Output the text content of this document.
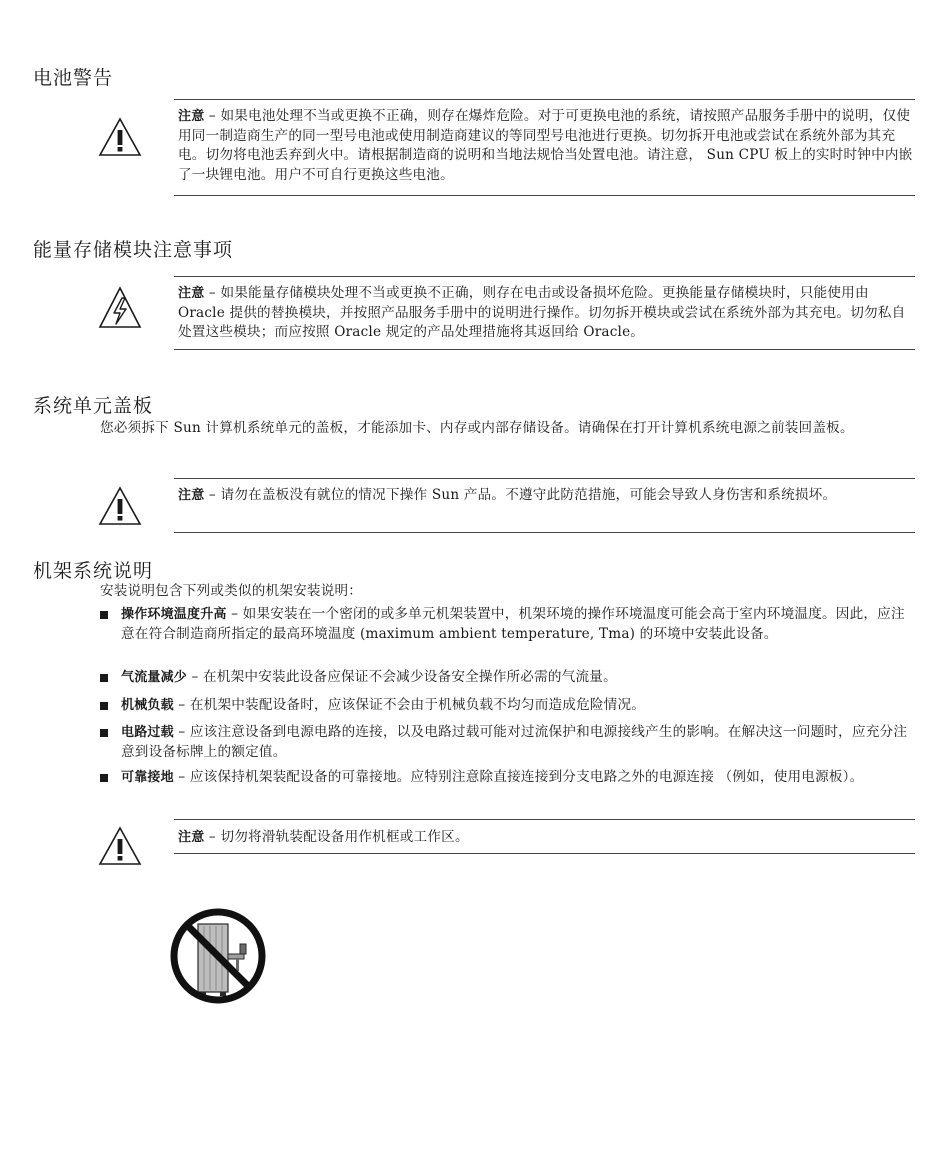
电池警告
注意 – 如果电池处理不当或更换不正确，则存在爆炸危险。对于可更换电池的系统，请按照产品服务手册中的说明，仅使用同一制造商生产的同一型号电池或使用制造商建议的等同型号电池进行更换。切勿拆开电池或尝试在系统外部为其充电。切勿将电池丢弃到火中。请根据制造商的说明和当地法规恰当处置电池。请注意， Sun CPU 板上的实时时钟中内嵌了一块锂电池。用户不可自行更换这些电池。
能量存储模块注意事项
注意 – 如果能量存储模块处理不当或更换不正确，则存在电击或设备损坏危险。更换能量存储模块时，只能使用由 Oracle 提供的替换模块，并按照产品服务手册中的说明进行操作。切勿拆开模块或尝试在系统外部为其充电。切勿私自处置这些模块；而应按照 Oracle 规定的产品处理措施将其返回给 Oracle。
系统单元盖板
您必须拆下 Sun 计算机系统单元的盖板，才能添加卡、内存或内部存储设备。请确保在打开计算机系统电源之前装回盖板。
注意 – 请勿在盖板没有就位的情况下操作 Sun 产品。不遵守此防范措施，可能会导致人身伤害和系统损坏。
机架系统说明
安装说明包含下列或类似的机架安装说明：
操作环境温度升高 – 如果安装在一个密闭的或多单元机架装置中，机架环境的操作环境温度可能会高于室内环境温度。因此，应注意在符合制造商所指定的最高环境温度 (maximum ambient temperature, Tma) 的环境中安装此设备。
气流量减少 – 在机架中安装此设备应保证不会减少设备安全操作所必需的气流量。
机械负载 – 在机架中装配设备时，应该保证不会由于机械负载不均匀而造成危险情况。
电路过载 – 应该注意设备到电源电路的连接，以及电路过载可能对过流保护和电源接线产生的影响。在解决这一问题时，应充分注意到设备标牌上的额定值。
可靠接地 – 应该保持机架装配设备的可靠接地。应特别注意除直接连接到分支电路之外的电源连接 （例如，使用电源板）。
注意 – 切勿将滑轨装配设备用作机框或工作区。
